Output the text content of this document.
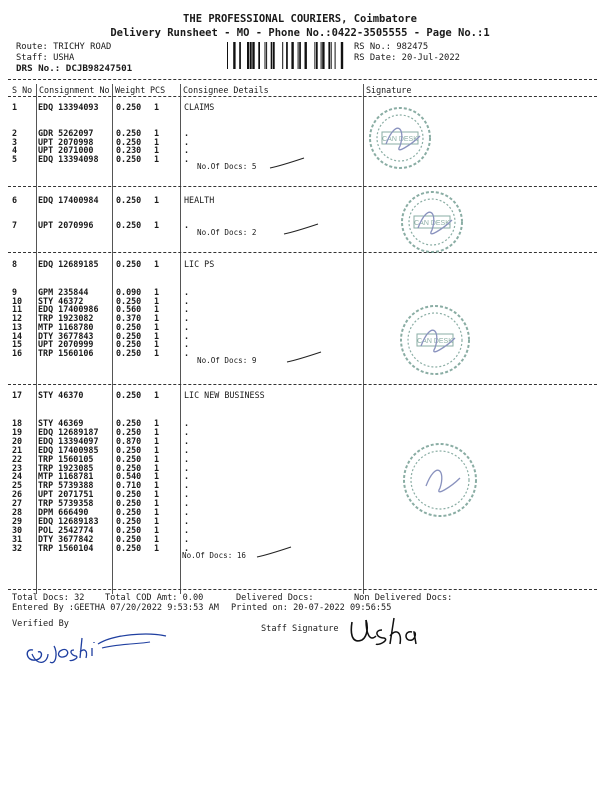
THE PROFESSIONAL COURIERS, Coimbatore
Delivery Runsheet - MO - Phone No.:0422-3505555 - Page No.:1
Route: TRICHY ROAD
Staff: USHA
DRS No.: DCJB98247501
RS No.: 982475
RS Date: 20-Jul-2022
S No Consignment No Weight PCS Consignee Details	Signature
1 EDQ 13394093 0.250 1	CLAIMS
2 GDR 5262097	0.250 1	.
3 UPT 2070998	0.250 1	.
4 UPT 2071000	0.230 1	.
5 EDQ 13394098 0.250 1	.
No.Of Docs: 5
6 EDQ 17400984 0.250 1	HEALTH
7 UPT 2070996	0.250 1	.
No.Of Docs: 2
8 EDQ 12689185 0.250 1	LIC PS
9 GPM 235844	0.090 1	.
10 STY 46372	0.250 1	.
11 EDQ 17400986 0.560 1	.
12 TRP 1923082	0.370 1	.
13 MTP 1168780	0.250 1	.
14 DTY 3677843	0.250 1	.
15 UPT 2070999	0.250 1	.
16 TRP 1560106	0.250 1	.
No.Of Docs: 9
17 STY 46370	0.250 1	LIC NEW BUSINESS
18 STY 46369	0.250 1	.
19 EDQ 12689187 0.250 1	.
20 EDQ 13394097 0.870 1	.
21 EDQ 17400985 0.250 1	.
22 TRP 1560105	0.250 1	.
23 TRP 1923085	0.250 1	.
24 MTP 1168781	0.540 1	.
25 TRP 5739388	0.710 1	.
26 UPT 2071751	0.250 1	.
27 TRP 5739358	0.250 1	.
28 DPM 666490	0.250 1	.
29 EDQ 12689183 0.250 1	.
30 POL 2542774	0.250 1	.
31 DTY 3677842	0.250 1	.
32 TRP 1560104	0.250 1	.
No.Of Docs: 16
Total Docs: 32 Total COD Amt: 0.00	Delivered Docs:	Non Delivered Docs:
Entered By :GEETHA 07/20/2022 9:53:53 AM Printed on: 20-07-2022 09:56:55
Verified By	Staff Signature
CAN DESK
CAN DESK
CAN DESK
